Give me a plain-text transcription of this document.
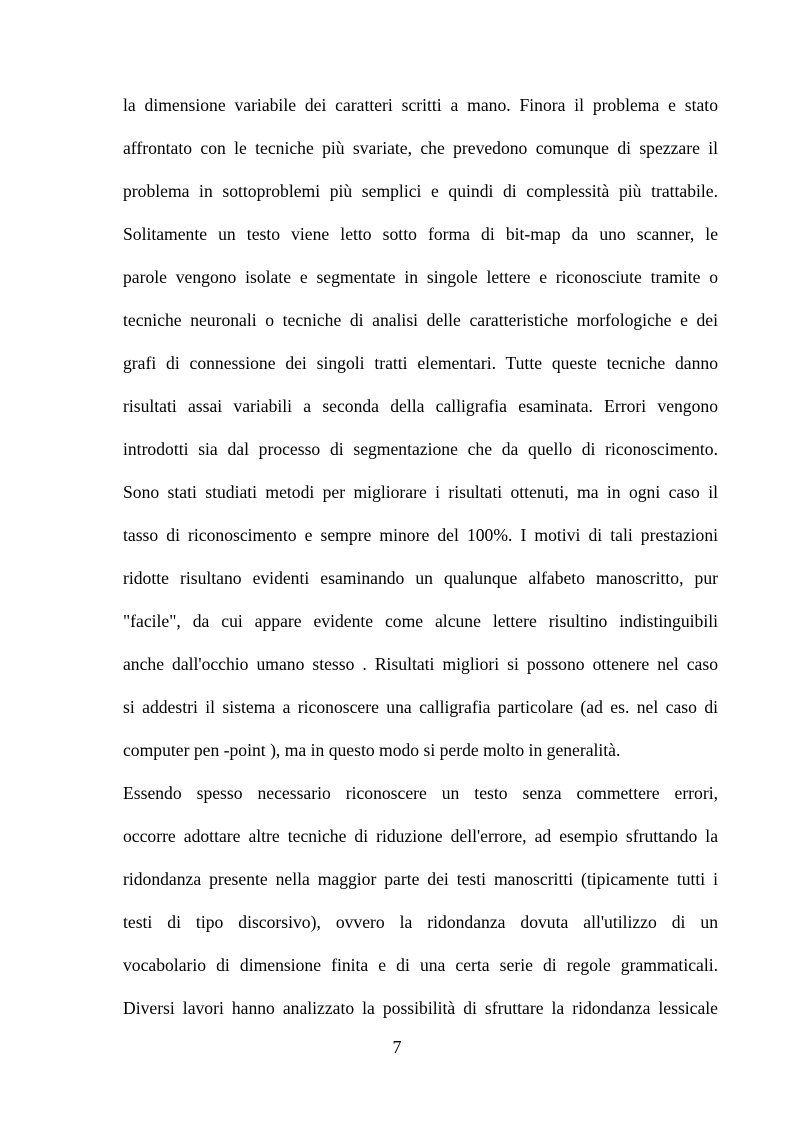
la dimensione variabile dei caratteri scritti a mano. Finora il problema e stato
affrontato con le tecniche più svariate, che prevedono comunque di spezzare il
problema in sottoproblemi più semplici e quindi di complessità più trattabile.
Solitamente un testo viene letto sotto forma di bit-map da uno scanner, le
parole vengono isolate e segmentate in singole lettere e riconosciute tramite o
tecniche neuronali o tecniche di analisi delle caratteristiche morfologiche e dei
grafi di connessione dei singoli tratti elementari. Tutte queste tecniche danno
risultati assai variabili a seconda della calligrafia esaminata. Errori vengono
introdotti sia dal processo di segmentazione che da quello di riconoscimento.
Sono stati studiati metodi per migliorare i risultati ottenuti, ma in ogni caso il
tasso di riconoscimento e sempre minore del 100%. I motivi di tali prestazioni
ridotte risultano evidenti esaminando un qualunque alfabeto manoscritto, pur
"facile", da cui appare evidente come alcune lettere risultino indistinguibili
anche dall'occhio umano stesso . Risultati migliori si possono ottenere nel caso
si addestri il sistema a riconoscere una calligrafia particolare (ad es. nel caso di
computer pen -point ), ma in questo modo si perde molto in generalità.
Essendo spesso necessario riconoscere un testo senza commettere errori,
occorre adottare altre tecniche di riduzione dell'errore, ad esempio sfruttando la
ridondanza presente nella maggior parte dei testi manoscritti (tipicamente tutti i
testi di tipo discorsivo), ovvero la ridondanza dovuta all'utilizzo di un
vocabolario di dimensione finita e di una certa serie di regole grammaticali.
Diversi lavori hanno analizzato la possibilità di sfruttare la ridondanza lessicale
7
